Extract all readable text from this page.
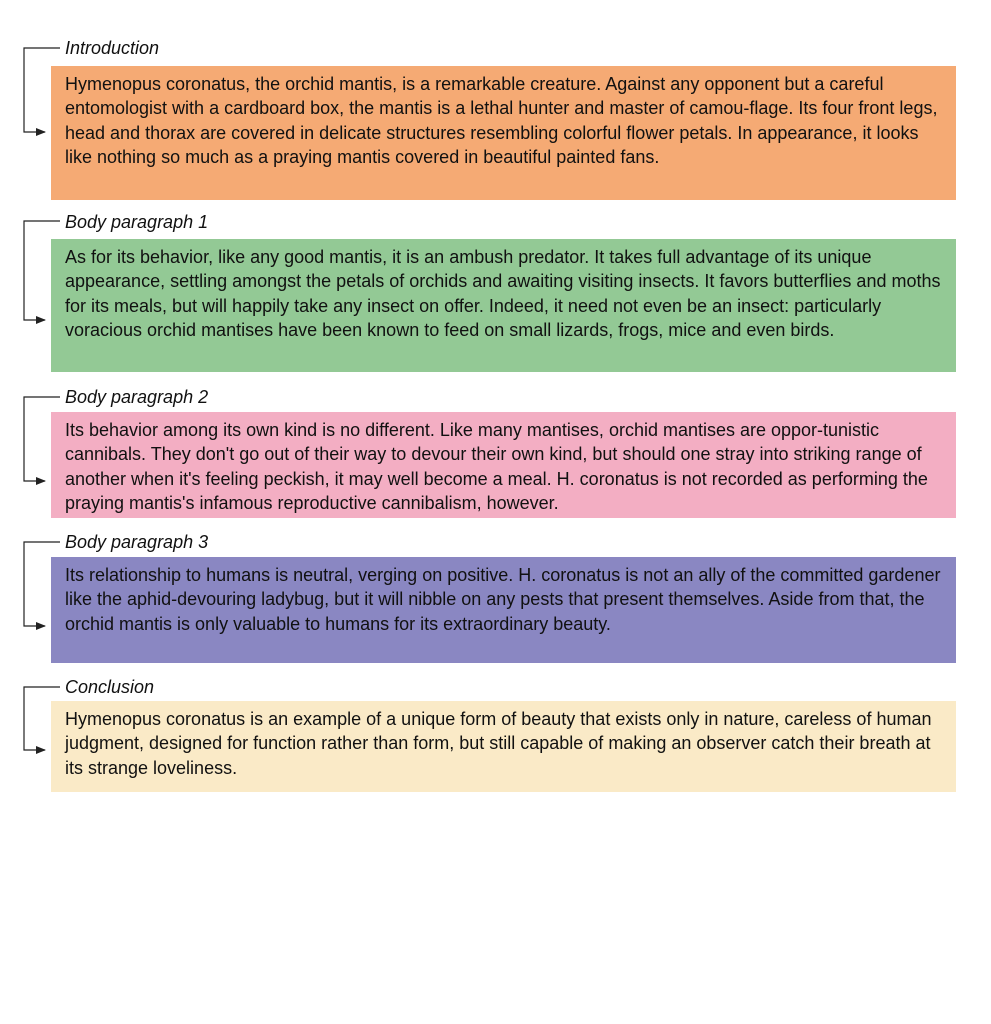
Introduction
Hymenopus coronatus, the orchid mantis, is a remarkable creature. Against any opponent but a careful entomologist with a cardboard box, the mantis is a lethal hunter and master of camou-flage. Its four front legs, head and thorax are covered in delicate structures resembling colorful flower petals. In appearance, it looks like nothing so much as a praying mantis covered in beautiful painted fans.
Body paragraph 1
As for its behavior, like any good mantis, it is an ambush predator. It takes full advantage of its unique appearance, settling amongst the petals of orchids and awaiting visiting insects. It favors butterflies and moths for its meals, but will happily take any insect on offer. Indeed, it need not even be an insect: particularly voracious orchid mantises have been known to feed on small lizards, frogs, mice and even birds.
Body paragraph 2
Its behavior among its own kind is no different. Like many mantises, orchid mantises are oppor-tunistic cannibals. They don't go out of their way to devour their own kind, but should one stray into striking range of another when it's feeling peckish, it may well become a meal. H. coronatus is not recorded as performing the praying mantis's infamous reproductive cannibalism, however.
Body paragraph 3
Its relationship to humans is neutral, verging on positive. H. coronatus is not an ally of the committed gardener like the aphid-devouring ladybug, but it will nibble on any pests that present themselves. Aside from that, the orchid mantis is only valuable to humans for its extraordinary beauty.
Conclusion
Hymenopus coronatus is an example of a unique form of beauty that exists only in nature, careless of human judgment, designed for function rather than form, but still capable of making an observer catch their breath at its strange loveliness.
